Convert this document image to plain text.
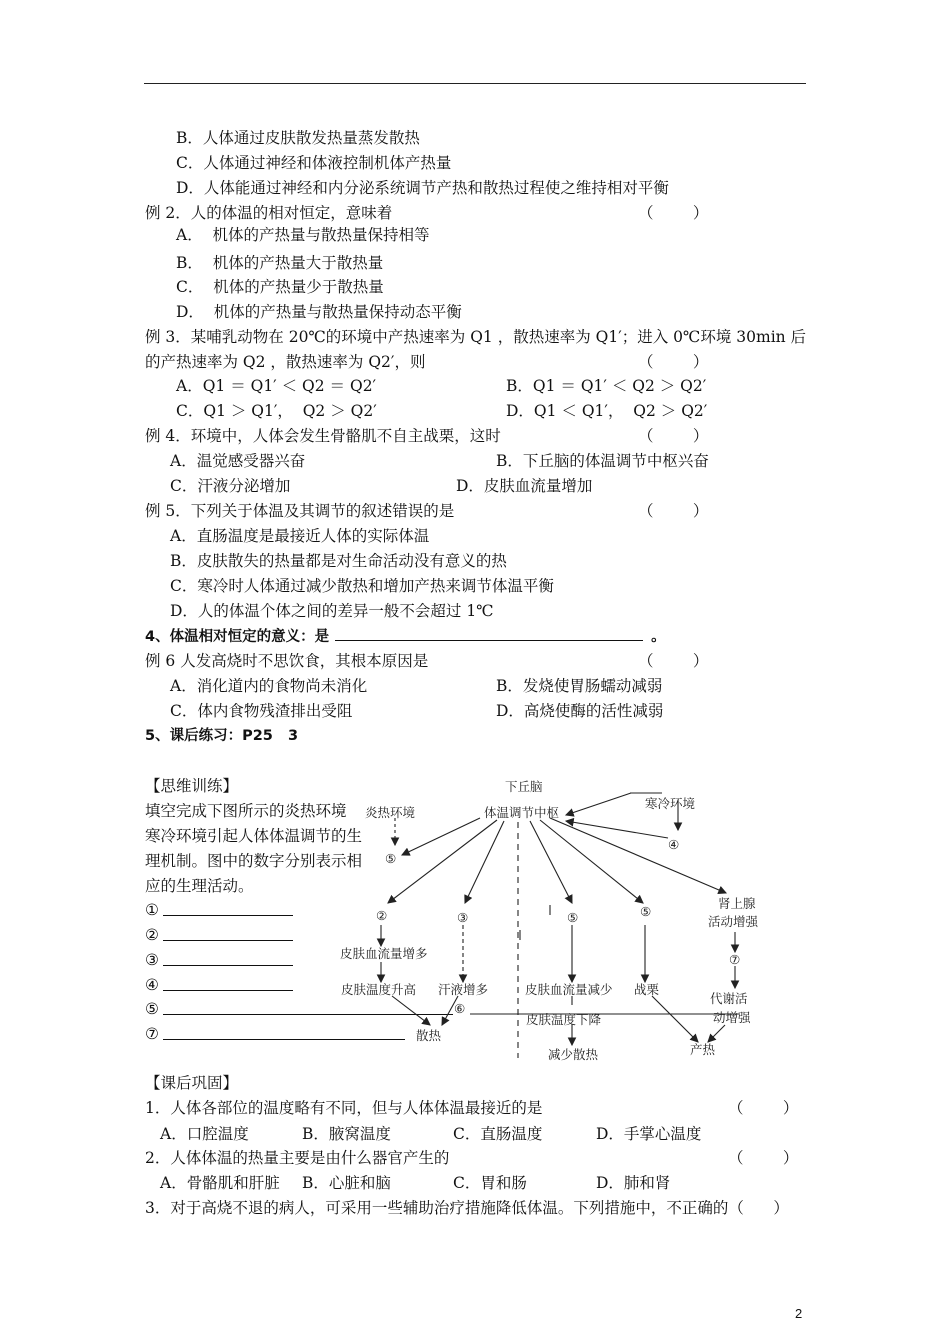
B．人体通过皮肤散发热量蒸发散热
C．人体通过神经和体液控制机体产热量
D．人体能通过神经和内分泌系统调节产热和散热过程使之维持相对平衡
例 2．人的体温的相对恒定，意味着	（        ）
A．  机体的产热量与散热量保持相等
B．  机体的产热量大于散热量
C．  机体的产热量少于散热量
D．  机体的产热量与散热量保持动态平衡
例 3．某哺乳动物在 20℃的环境中产热速率为 Q1 ，散热速率为 Q1′；进入 0℃环境 30min 后
的产热速率为 Q2 ，散热速率为 Q2′，则	（        ）
A．Q1 ＝ Q1′ ＜ Q2 ＝ Q2′	B．Q1 ＝ Q1′ ＜ Q2 ＞ Q2′
C．Q1 ＞ Q1′，  Q2 ＞ Q2′	D．Q1 ＜ Q1′，  Q2 ＞ Q2′
例 4．环境中，人体会发生骨骼肌不自主战栗，这时	（        ）
A．温觉感受器兴奋	B．下丘脑的体温调节中枢兴奋
C．汗液分泌增加	D．皮肤血流量增加
例 5．下列关于体温及其调节的叙述错误的是	（        ）
A．直肠温度是最接近人体的实际体温
B．皮肤散失的热量都是对生命活动没有意义的热
C．寒冷时人体通过减少散热和增加产热来调节体温平衡
D．人的体温个体之间的差异一般不会超过 1℃
4、体温相对恒定的意义：是	。
例 6 人发高烧时不思饮食，其根本原因是	（        ）
A．消化道内的食物尚未消化	B．发烧使胃肠蠕动减弱
C．体内食物残渣排出受阻	D．高烧使酶的活性减弱
5、课后练习：P25   3
【思维训练】
填空完成下图所示的炎热环境
寒冷环境引起人体体温调节的生
理机制。图中的数字分别表示相
应的生理活动。
①
②
③
④
⑤
⑦
下丘脑
体温调节中枢
炎热环境
寒冷环境
④
⑤
②	③	⑤	⑤
肾上腺
活动增强
⑦
皮肤血流量增多
皮肤温度升高 汗液增多
⑥
皮肤血流量减少 战栗
代谢活
动增强
皮肤温度下降
减少散热
散热
产热
【课后巩固】
1．人体各部位的温度略有不同，但与人体体温最接近的是	（        ）
A．口腔温度	B．腋窝温度	C．直肠温度	D．手掌心温度
2．人体体温的热量主要是由什么器官产生的	（        ）
A．骨骼肌和肝脏 B．心脏和脑	C．胃和肠	D．肺和肾
3．对于高烧不退的病人，可采用一些辅助治疗措施降低体温。下列措施中，不正确的（      ）
2
